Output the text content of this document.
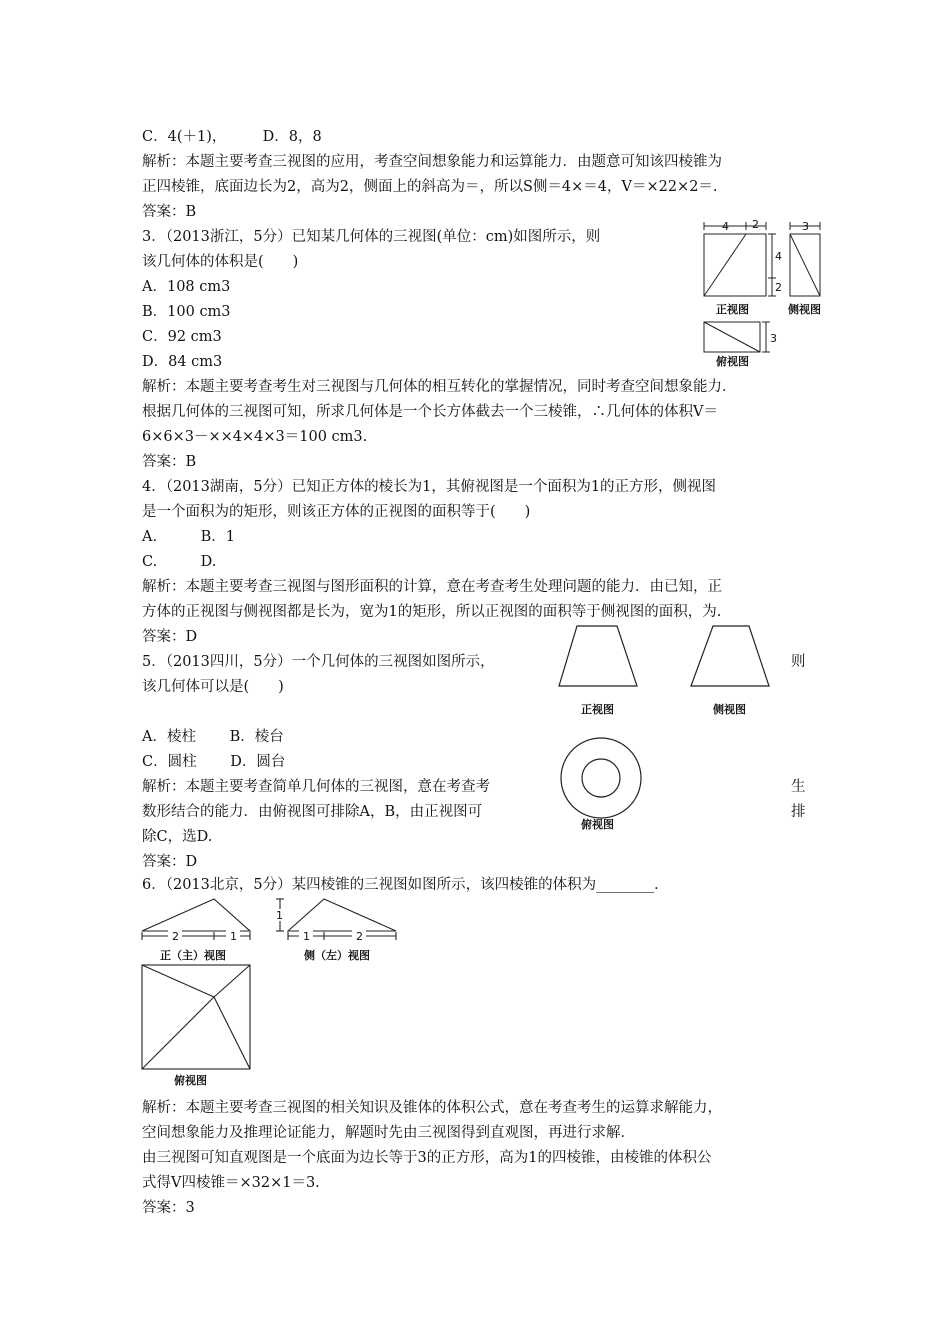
C．4(＋1)，　　　D．8，8
解析：本题主要考查三视图的应用，考查空间想象能力和运算能力．由题意可知该四棱锥为
正四棱锥，底面边长为2，高为2，侧面上的斜高为＝，所以S侧＝4×＝4，V＝×22×2＝.
答案：B
3．（2013浙江，5分）已知某几何体的三视图(单位：cm)如图所示，则
该几何体的体积是(　　)
A．108 cm3
B．100 cm3
C．92 cm3
D．84 cm3
解析：本题主要考查考生对三视图与几何体的相互转化的掌握情况，同时考查空间想象能力．
根据几何体的三视图可知，所求几何体是一个长方体截去一个三棱锥，∴几何体的体积V＝
6×6×3－××4×4×3＝100 cm3.
答案：B
4．（2013湖南，5分）已知正方体的棱长为1，其俯视图是一个面积为1的正方形，侧视图
是一个面积为的矩形，则该正方体的正视图的面积等于(　　)
A.　　　B．1
C.　　　D.
解析：本题主要考查三视图与图形面积的计算，意在考查考生处理问题的能力．由已知，正
方体的正视图与侧视图都是长为，宽为1的矩形，所以正视图的面积等于侧视图的面积，为.
答案：D
5．（2013四川，5分）一个几何体的三视图如图所示，	则
该几何体可以是(　　)
A．棱柱　　 B．棱台
C．圆柱　　 D．圆台
解析：本题主要考查简单几何体的三视图，意在考查考	生
数形结合的能力．由俯视图可排除A，B，由正视图可	排
除C，选D.
答案：D
6．（2013北京，5分）某四棱锥的三视图如图所示，该四棱锥的体积为________．
解析：本题主要考查三视图的相关知识及锥体的体积公式，意在考查考生的运算求解能力，
空间想象能力及推理论证能力，解题时先由三视图得到直观图，再进行求解．
由三视图可知直观图是一个底面为边长等于3的正方形，高为1的四棱锥，由棱锥的体积公
式得V四棱锥＝×32×1＝3.
答案：3
4 2	3
4
2
3
正视图	侧视图
俯视图
正视图	侧视图
俯视图
2	1
1
1	2
正（主）视图	侧（左）视图
俯视图
